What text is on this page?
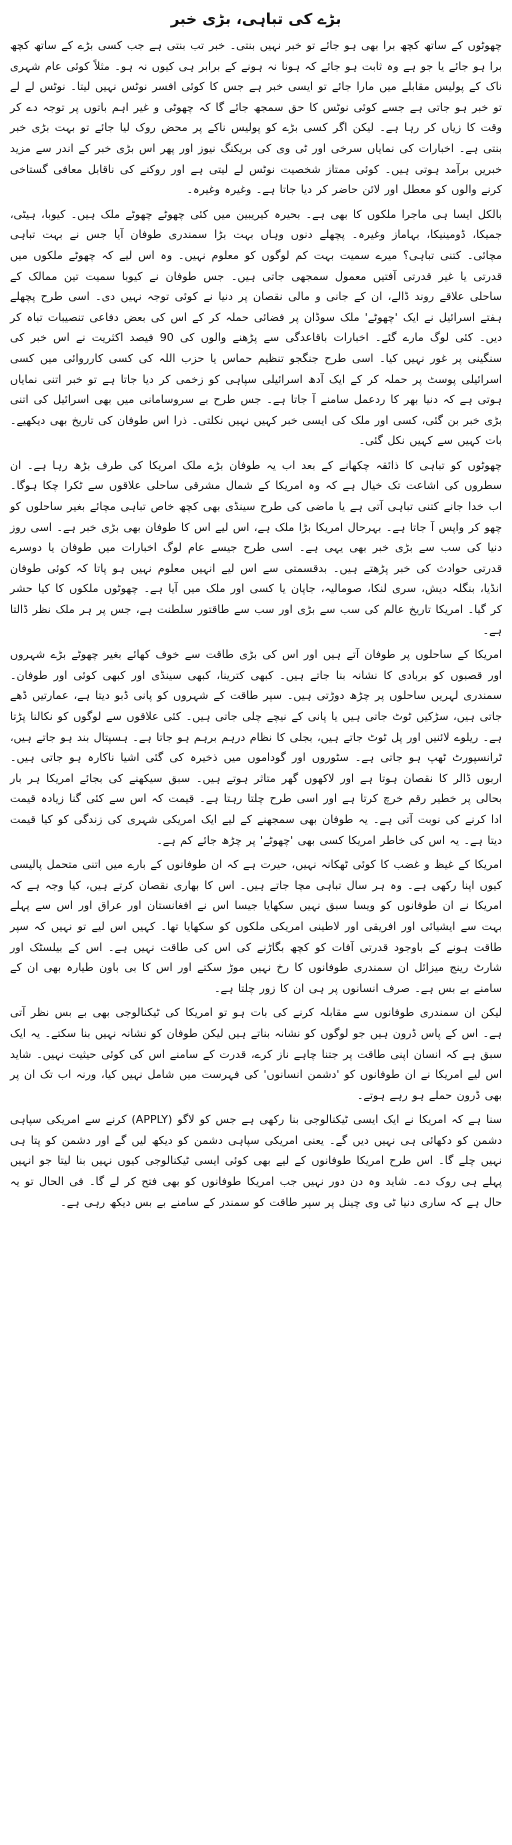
بڑے کی تباہی، بڑی خبر

چھوٹوں کے ساتھ کچھ برا بھی ہو جائے تو خبر نہیں بنتی۔ خبر تب بنتی ہے جب کسی بڑے کے ساتھ کچھ برا ہو جائے یا جو ہے وہ ثابت ہو جائے کہ ہونا نہ ہونے کے برابر ہی کیوں نہ ہو۔ مثلاً کوئی عام شہری ناک کے پولیس مقابلے میں مارا جائے تو ایسی خبر ہے جس کا کوئی افسر نوٹس نہیں لیتا۔ نوٹس لے لے تو خبر ہو جاتی ہے جسے کوئی نوٹس کا حق سمجھ جائے گا کہ چھوٹی و غیر اہم باتوں پر توجہ دے کر وقت کا زیاں کر رہا ہے۔ لیکن اگر کسی بڑے کو پولیس ناکے پر محض روک لیا جائے تو بہت بڑی خبر بنتی ہے۔ اخبارات کی نمایاں سرخی اور ٹی وی کی بریکنگ نیوز اور پھر اس بڑی خبر کے اندر سے مزید خبریں برآمد ہوتی ہیں۔ کوئی ممتاز شخصیت نوٹس لے لیتی ہے اور روکنے کی ناقابل معافی گستاخی کرنے والوں کو معطل اور لائن حاضر کر دیا جاتا ہے۔ وغیرہ وغیرہ۔

بالکل ایسا ہی ماجرا ملکوں کا بھی ہے۔ بحیرہ کیریبین میں کئی چھوٹے چھوٹے ملک ہیں۔ کیوبا، ہیٹی، جمیکا، ڈومینیکا، بہاماز وغیرہ۔ پچھلے دنوں وہاں بہت بڑا سمندری طوفان آیا جس نے بہت تباہی مچائی۔ کتنی تباہی؟ میرے سمیت بہت کم لوگوں کو معلوم نہیں۔ وہ اس لیے کہ چھوٹے ملکوں میں قدرتی یا غیر قدرتی آفتیں معمول سمجھی جاتی ہیں۔ جس طوفان نے کیوبا سمیت تین ممالک کے ساحلی علاقے روند ڈالے، ان کے جانی و مالی نقصان پر دنیا نے کوئی توجہ نہیں دی۔ اسی طرح پچھلے ہفتے اسرائیل نے ایک 'چھوٹے' ملک سوڈان پر فضائی حملہ کر کے اس کی بعض دفاعی تنصیبات تباہ کر دیں۔ کئی لوگ مارے گئے۔ اخبارات باقاعدگی سے پڑھنے والوں کی 90 فیصد اکثریت نے اس خبر کی سنگینی پر غور نہیں کیا۔ اسی طرح جنگجو تنظیم حماس یا حزب اللہ کی کسی کارروائی میں کسی اسرائیلی پوسٹ پر حملہ کر کے ایک آدھ اسرائیلی سپاہی کو زخمی کر دیا جاتا ہے تو خبر اتنی نمایاں ہوتی ہے کہ دنیا بھر کا ردعمل سامنے آ جاتا ہے۔ جس طرح بے سروسامانی میں بھی اسرائیل کی اتنی بڑی خبر بن گئی، کسی اور ملک کی ایسی خبر کہیں نہیں نکلتی۔ ذرا اس طوفان کی تاریخ بھی دیکھیے۔ بات کہیں سے کہیں نکل گئی۔

چھوٹوں کو تباہی کا ذائقہ چکھانے کے بعد اب یہ طوفان بڑے ملک امریکا کی طرف بڑھ رہا ہے۔ ان سطروں کی اشاعت تک خیال ہے کہ وہ امریکا کے شمال مشرقی ساحلی علاقوں سے ٹکرا چکا ہوگا۔ اب خدا جانے کتنی تباہی آتی ہے یا ماضی کی طرح سینڈی بھی کچھ خاص تباہی مچائے بغیر ساحلوں کو چھو کر واپس آ جاتا ہے۔ بہرحال امریکا بڑا ملک ہے، اس لیے اس کا طوفان بھی بڑی خبر ہے۔ اسی روز دنیا کی سب سے بڑی خبر بھی یہی ہے۔ اسی طرح جیسے عام لوگ اخبارات میں طوفان یا دوسرے قدرتی حوادث کی خبر پڑھتے ہیں۔ بدقسمتی سے اس لیے انہیں معلوم نہیں ہو پاتا کہ کوئی طوفان انڈیا، بنگلہ دیش، سری لنکا، صومالیہ، جاپان یا کسی اور ملک میں آیا ہے۔ چھوٹوں ملکوں کا کیا حشر کر گیا۔ امریکا تاریخ عالم کی سب سے بڑی اور سب سے طاقتور سلطنت ہے، جس پر ہر ملک نظر ڈالتا ہے۔

امریکا کے ساحلوں پر طوفان آتے ہیں اور اس کی بڑی طاقت سے خوف کھائے بغیر چھوٹے بڑے شہروں اور قصبوں کو بربادی کا نشانہ بنا جاتے ہیں۔ کبھی کترینا، کبھی سینڈی اور کبھی کوئی اور طوفان۔ سمندری لہریں ساحلوں پر چڑھ دوڑتی ہیں۔ سپر طاقت کے شہروں کو پانی ڈبو دیتا ہے، عمارتیں ڈھے جاتی ہیں، سڑکیں ٹوٹ جاتی ہیں یا پانی کے نیچے چلی جاتی ہیں۔ کئی علاقوں سے لوگوں کو نکالنا پڑتا ہے۔ ریلوے لائنیں اور پل ٹوٹ جاتے ہیں، بجلی کا نظام درہم برہم ہو جاتا ہے۔ ہسپتال بند ہو جاتے ہیں، ٹرانسپورٹ ٹھپ ہو جاتی ہے۔ سٹوروں اور گوداموں میں ذخیرہ کی گئی اشیا ناکارہ ہو جاتی ہیں۔ اربوں ڈالر کا نقصان ہوتا ہے اور لاکھوں گھر متاثر ہوتے ہیں۔ سبق سیکھنے کی بجائے امریکا ہر بار بحالی پر خطیر رقم خرچ کرتا ہے اور اسی طرح چلتا رہتا ہے۔ قیمت کہ اس سے کئی گنا زیادہ قیمت ادا کرنے کی نوبت آتی ہے۔ یہ طوفان بھی سمجھنے کے لیے ایک امریکی شہری کی زندگی کو کیا قیمت دیتا ہے۔ یہ اس کی خاطر امریکا کسی بھی 'چھوٹے' پر چڑھ جائے کم ہے۔

امریکا کے غیظ و غضب کا کوئی ٹھکانہ نہیں، حیرت ہے کہ ان طوفانوں کے بارے میں اتنی متحمل پالیسی کیوں اپنا رکھی ہے۔ وہ ہر سال تباہی مچا جاتے ہیں۔ اس کا بھاری نقصان کرتے ہیں، کیا وجہ ہے کہ امریکا نے ان طوفانوں کو ویسا سبق نہیں سکھایا جیسا اس نے افغانستان اور عراق اور اس سے پہلے بہت سے ایشیائی اور افریقی اور لاطینی امریکی ملکوں کو سکھایا تھا۔ کہیں اس لیے تو نہیں کہ سپر طاقت ہونے کے باوجود قدرتی آفات کو کچھ بگاڑنے کی اس کی طاقت نہیں ہے۔ اس کے بیلسٹک اور شارٹ رینج میزائل ان سمندری طوفانوں کا رخ نہیں موڑ سکتے اور اس کا بی باون طیارہ بھی ان کے سامنے بے بس ہے۔ صرف انسانوں پر ہی ان کا زور چلتا ہے۔

لیکن ان سمندری طوفانوں سے مقابلہ کرنے کی بات ہو تو امریکا کی ٹیکنالوجی بھی بے بس نظر آتی ہے۔ اس کے پاس ڈرون ہیں جو لوگوں کو نشانہ بناتے ہیں لیکن طوفان کو نشانہ نہیں بنا سکتے۔ یہ ایک سبق ہے کہ انسان اپنی طاقت پر جتنا چاہے ناز کرے، قدرت کے سامنے اس کی کوئی حیثیت نہیں۔ شاید اس لیے امریکا نے ان طوفانوں کو 'دشمن انسانوں' کی فہرست میں شامل نہیں کیا، ورنہ اب تک ان پر بھی ڈرون حملے ہو رہے ہوتے۔

سنا ہے کہ امریکا نے ایک ایسی ٹیکنالوجی بنا رکھی ہے جس کو لاگو (APPLY) کرنے سے امریکی سپاہی دشمن کو دکھائی ہی نہیں دیں گے۔ یعنی امریکی سپاہی دشمن کو دیکھ لیں گے اور دشمن کو پتا ہی نہیں چلے گا۔ اس طرح امریکا طوفانوں کے لیے بھی کوئی ایسی ٹیکنالوجی کیوں نہیں بنا لیتا جو انہیں پہلے ہی روک دے۔ شاید وہ دن دور نہیں جب امریکا طوفانوں کو بھی فتح کر لے گا۔ فی الحال تو یہ حال ہے کہ ساری دنیا ٹی وی چینل پر سپر طاقت کو سمندر کے سامنے بے بس دیکھ رہی ہے۔
